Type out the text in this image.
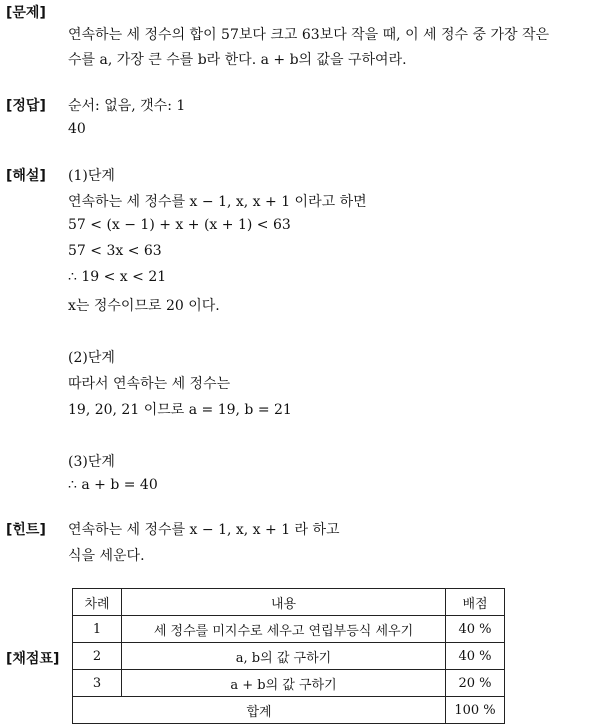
[문제]
연속하는 세 정수의 합이 57보다 크고 63보다 작을 때, 이 세 정수 중 가장 작은
수를 a, 가장 큰 수를 b라 한다. a + b의 값을 구하여라.
[정답] 순서: 없음, 갯수: 1
40
[해설] (1)단계
연속하는 세 정수를 x − 1, x, x + 1 이라고 하면
57 < (x − 1) + x + (x + 1) < 63
57 < 3x < 63
∴ 19 < x < 21
x는 정수이므로 20 이다.
(2)단계
따라서 연속하는 세 정수는
19, 20, 21 이므로 a = 19, b = 21
(3)단계
∴ a + b = 40
[힌트] 연속하는 세 정수를 x − 1, x, x + 1 라 하고
식을 세운다.
[채점표]
차례	내용	배점
1	세 정수를 미지수로 세우고 연립부등식 세우기	40 %
2	a, b의 값 구하기	40 %
3	a + b의 값 구하기	20 %
합계		100 %
